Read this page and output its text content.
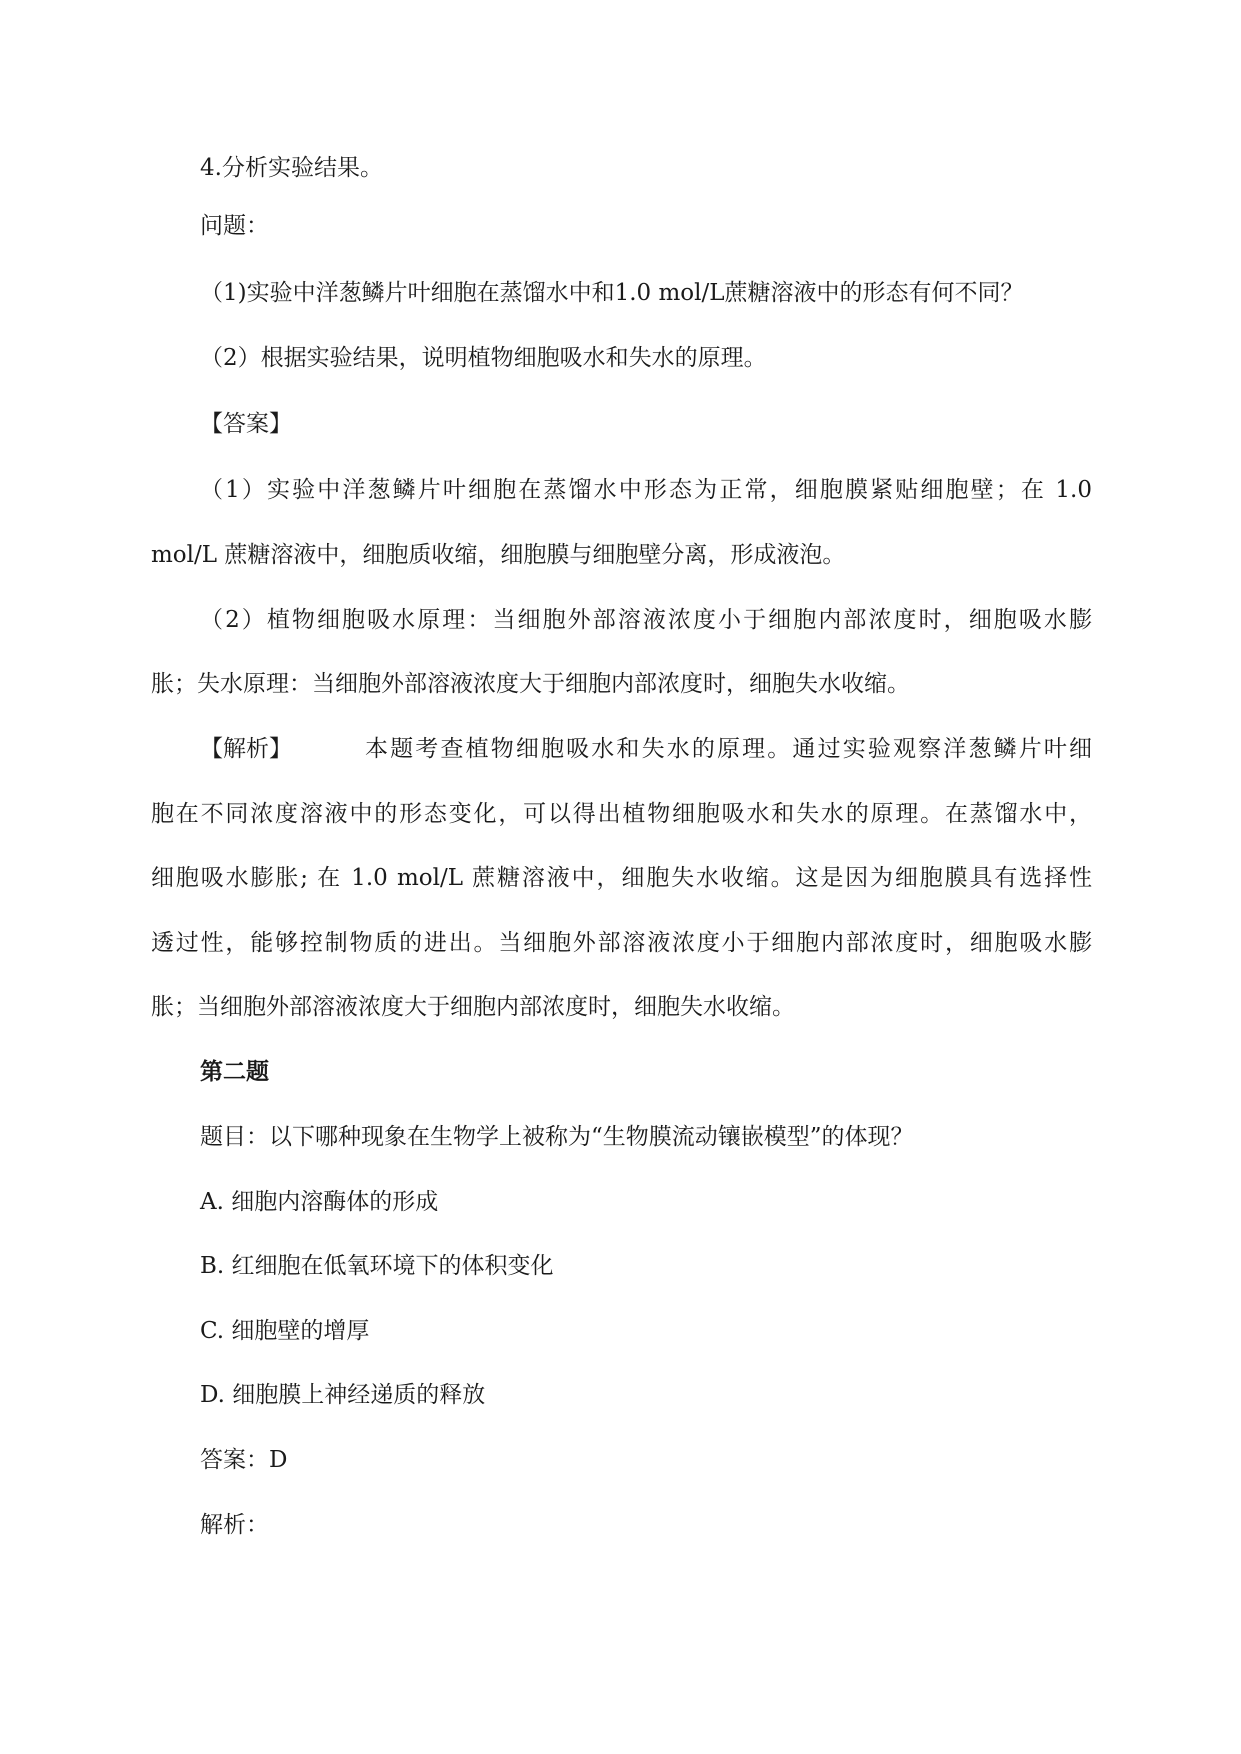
4.分析实验结果。

问题：

（1)实验中洋葱鳞片叶细胞在蒸馏水中和1.0 mol/L蔗糖溶液中的形态有何不同？

（2）根据实验结果，说明植物细胞吸水和失水的原理。

【答案】

（1）实验中洋葱鳞片叶细胞在蒸馏水中形态为正常，细胞膜紧贴细胞壁；在 1.0

mol/L 蔗糖溶液中，细胞质收缩，细胞膜与细胞壁分离，形成液泡。

（2）植物细胞吸水原理：当细胞外部溶液浓度小于细胞内部浓度时，细胞吸水膨

胀；失水原理：当细胞外部溶液浓度大于细胞内部浓度时，细胞失水收缩。

【解析】	本题考查植物细胞吸水和失水的原理。通过实验观察洋葱鳞片叶细

胞在不同浓度溶液中的形态变化，可以得出植物细胞吸水和失水的原理。在蒸馏水中，

细胞吸水膨胀; 在 1.0 mol/L 蔗糖溶液中，细胞失水收缩。这是因为细胞膜具有选择性

透过性，能够控制物质的进出。当细胞外部溶液浓度小于细胞内部浓度时，细胞吸水膨

胀；当细胞外部溶液浓度大于细胞内部浓度时，细胞失水收缩。

第二题

题目：以下哪种现象在生物学上被称为“生物膜流动镶嵌模型”的体现？

A. 细胞内溶酶体的形成

B. 红细胞在低氧环境下的体积变化

C. 细胞壁的增厚

D. 细胞膜上神经递质的释放

答案：D

解析：
